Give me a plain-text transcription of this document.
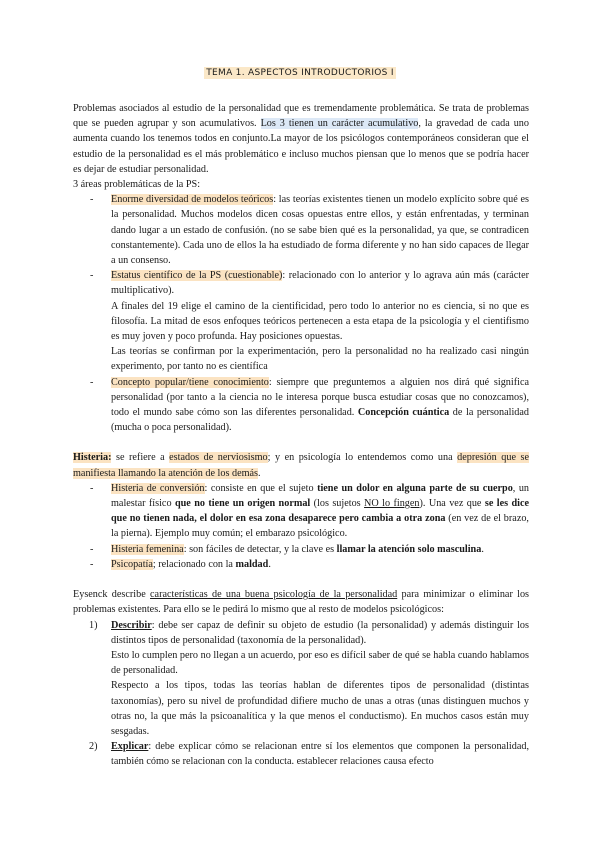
TEMA 1. ASPECTOS INTRODUCTORIOS I

Problemas asociados al estudio de la personalidad que es tremendamente problemática. Se trata de problemas que se pueden agrupar y son acumulativos. Los 3 tienen un carácter acumulativo, la gravedad de cada uno aumenta cuando los tenemos todos en conjunto.La mayor de los psicólogos contemporáneos consideran que el estudio de la personalidad es el más problemático e incluso muchos piensan que lo menos que se podría hacer es dejar de estudiar personalidad.

3 áreas problemáticas de la PS:

- Enorme diversidad de modelos teóricos: las teorías existentes tienen un modelo explícito sobre qué es la personalidad. Muchos modelos dicen cosas opuestas entre ellos, y están enfrentadas, y terminan dando lugar a un estado de confusión. (no se sabe bien qué es la personalidad, ya que, se contradicen constantemente). Cada uno de ellos la ha estudiado de forma diferente y no han sido capaces de llegar a un consenso.

- Estatus científico de la PS (cuestionable): relacionado con lo anterior y lo agrava aún más (carácter multiplicativo).

A finales del 19 elige el camino de la cientificidad, pero todo lo anterior no es ciencia, si no que es filosofía. La mitad de esos enfoques teóricos pertenecen a esta etapa de la psicología y el cientifismo es muy joven y poco profunda. Hay posiciones opuestas.

Las teorías se confirman por la experimentación, pero la personalidad no ha realizado casi ningún experimento, por tanto no es científica

- Concepto popular/tiene conocimiento: siempre que preguntemos a alguien nos dirá qué significa personalidad (por tanto a la ciencia no le interesa porque busca estudiar cosas que no conozcamos), todo el mundo sabe cómo son las diferentes personalidad. Concepción cuántica de la personalidad (mucha o poca personalidad).

Histeria: se refiere a estados de nerviosismo; y en psicología lo entendemos como una depresión que se manifiesta llamando la atención de los demás.

- Histeria de conversión: consiste en que el sujeto tiene un dolor en alguna parte de su cuerpo, un malestar físico que no tiene un origen normal (los sujetos NO lo fingen). Una vez que se les dice que no tienen nada, el dolor en esa zona desaparece pero cambia a otra zona (en vez de el brazo, la pierna). Ejemplo muy común; el embarazo psicológico.

- Histeria femenina: son fáciles de detectar, y la clave es llamar la atención solo masculina.

- Psicopatía; relacionado con la maldad.

Eysenck describe características de una buena psicología de la personalidad para minimizar o eliminar los problemas existentes. Para ello se le pedirá lo mismo que al resto de modelos psicológicos:

1) Describir: debe ser capaz de definir su objeto de estudio (la personalidad) y además distinguir los distintos tipos de personalidad (taxonomía de la personalidad).

Esto lo cumplen pero no llegan a un acuerdo, por eso es difícil saber de qué se habla cuando hablamos de personalidad.

Respecto a los tipos, todas las teorías hablan de diferentes tipos de personalidad (distintas taxonomías), pero su nivel de profundidad difiere mucho de unas a otras (unas distinguen muchos y otras no, la que más la psicoanalítica y la que menos el conductismo). En muchos casos están muy sesgadas.

2) Explicar: debe explicar cómo se relacionan entre sí los elementos que componen la personalidad, también cómo se relacionan con la conducta. establecer relaciones causa efecto
